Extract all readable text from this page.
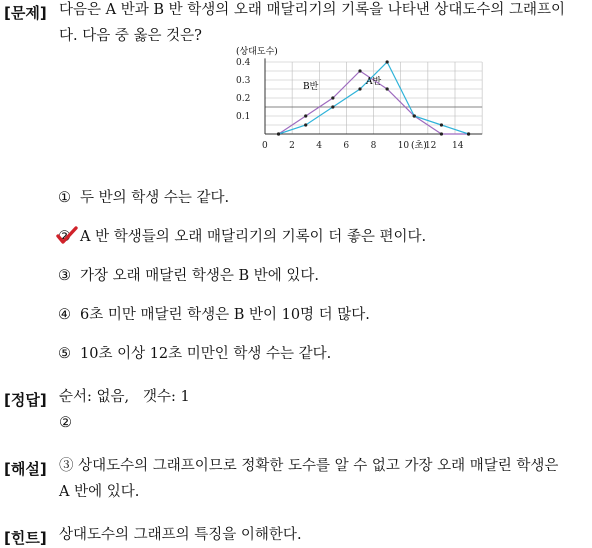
[문제] 다음은 A 반과 B 반 학생의 오래 매달리기의 기록을 나타낸 상대도수의 그래프이
다. 다음 중 옳은 것은?
0 2 4 6 8 10 12 14
0.1
0.2
0.3
0.4
(상대도수)
(초)
B반	A반
① 두 반의 학생 수는 같다.
② A 반 학생들의 오래 매달리기의 기록이 더 좋은 편이다.
③ 가장 오래 매달린 학생은 B 반에 있다.
④ 6초 미만 매달린 학생은 B 반이 10명 더 많다.
⑤ 10초 이상 12초 미만인 학생 수는 같다.
[정답] 순서: 없음,   갯수: 1
②
[해설] ③ 상대도수의 그래프이므로 정확한 도수를 알 수 없고 가장 오래 매달린 학생은
A 반에 있다.
[힌트] 상대도수의 그래프의 특징을 이해한다.
